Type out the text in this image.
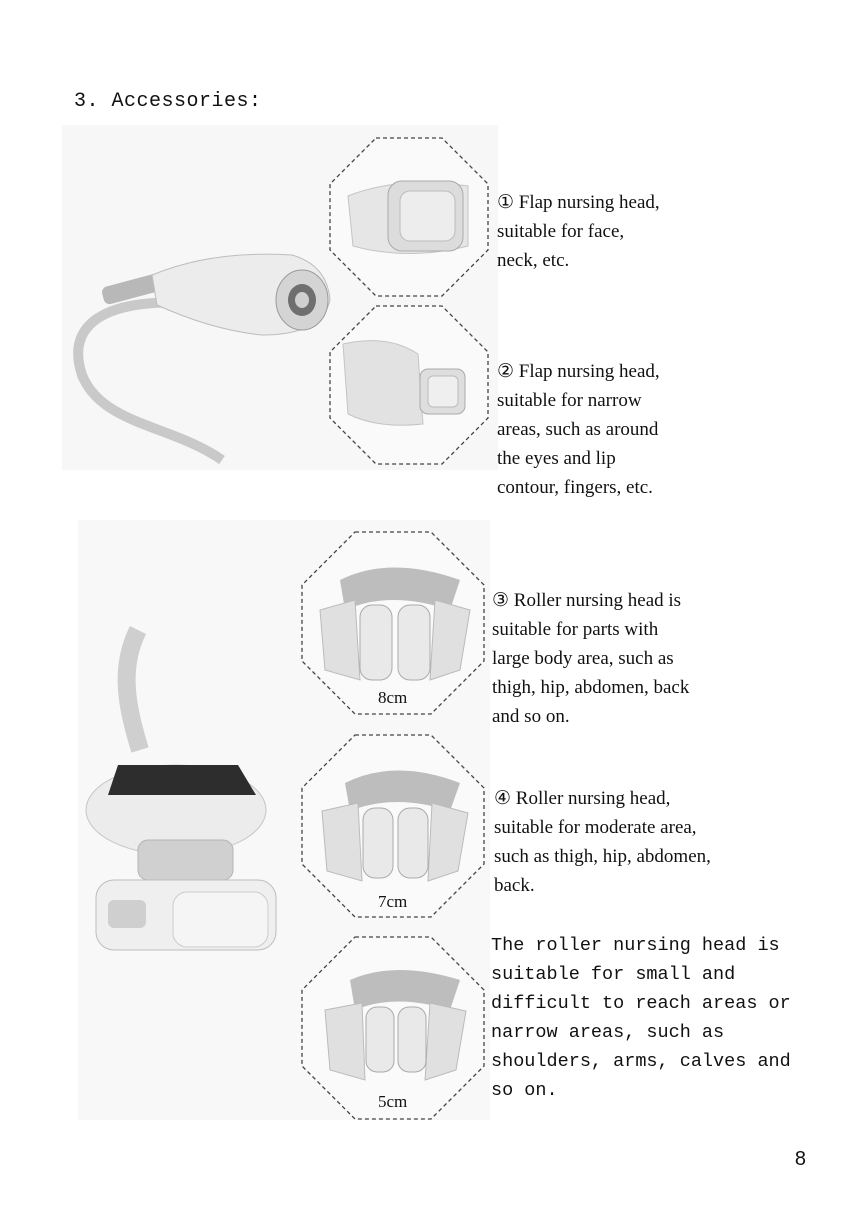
3. Accessories:
① Flap nursing head,
suitable for face,
neck, etc.
② Flap nursing head,
suitable for narrow
areas, such as around
the eyes and lip
contour, fingers, etc.
8cm
7cm
5cm
③ Roller nursing head is
suitable for parts with
large body area, such as
thigh, hip, abdomen, back
and so on.
④ Roller nursing head,
suitable for moderate area,
such as thigh, hip, abdomen,
back.
The roller nursing head is
suitable for small and
difficult to reach areas or
narrow areas, such as
shoulders, arms, calves and
so on.
8
